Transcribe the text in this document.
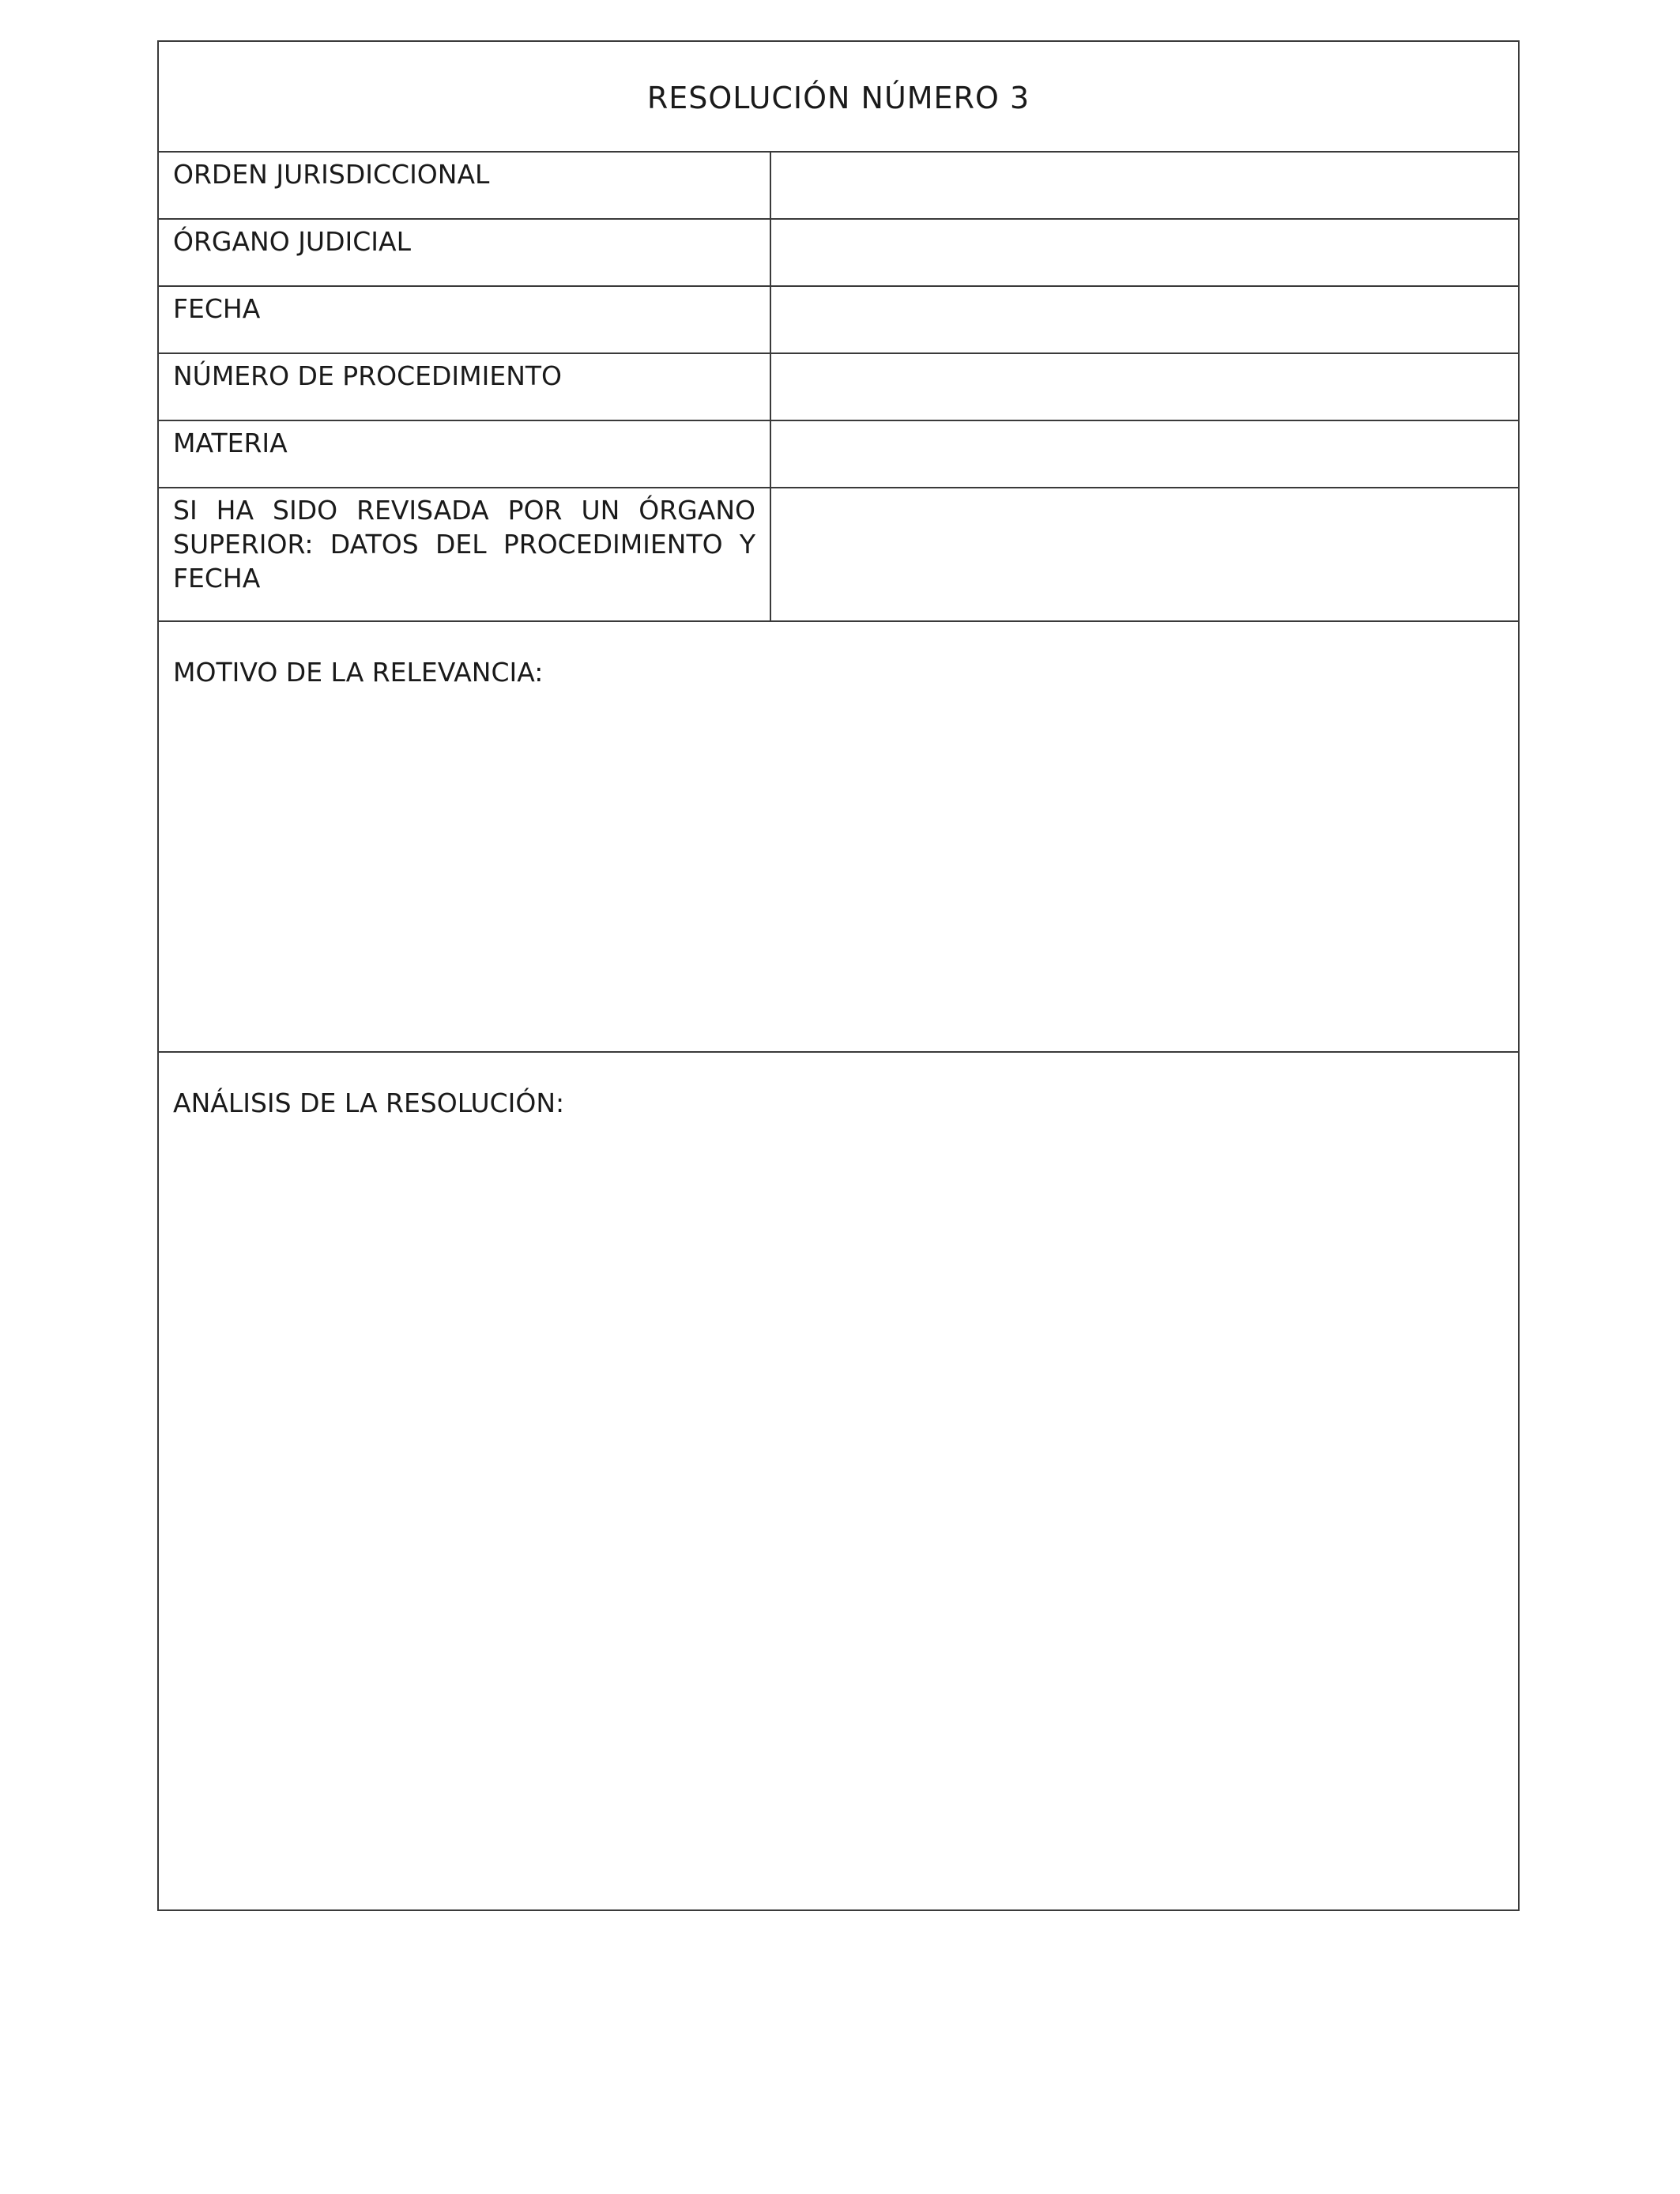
RESOLUCIÓN NÚMERO 3
ORDEN JURISDICCIONAL
ÓRGANO JUDICIAL
FECHA
NÚMERO DE PROCEDIMIENTO
MATERIA
SI HA SIDO REVISADA POR UN ÓRGANO SUPERIOR: DATOS DEL PROCEDIMIENTO Y FECHA
MOTIVO DE LA RELEVANCIA:
ANÁLISIS DE LA RESOLUCIÓN:
